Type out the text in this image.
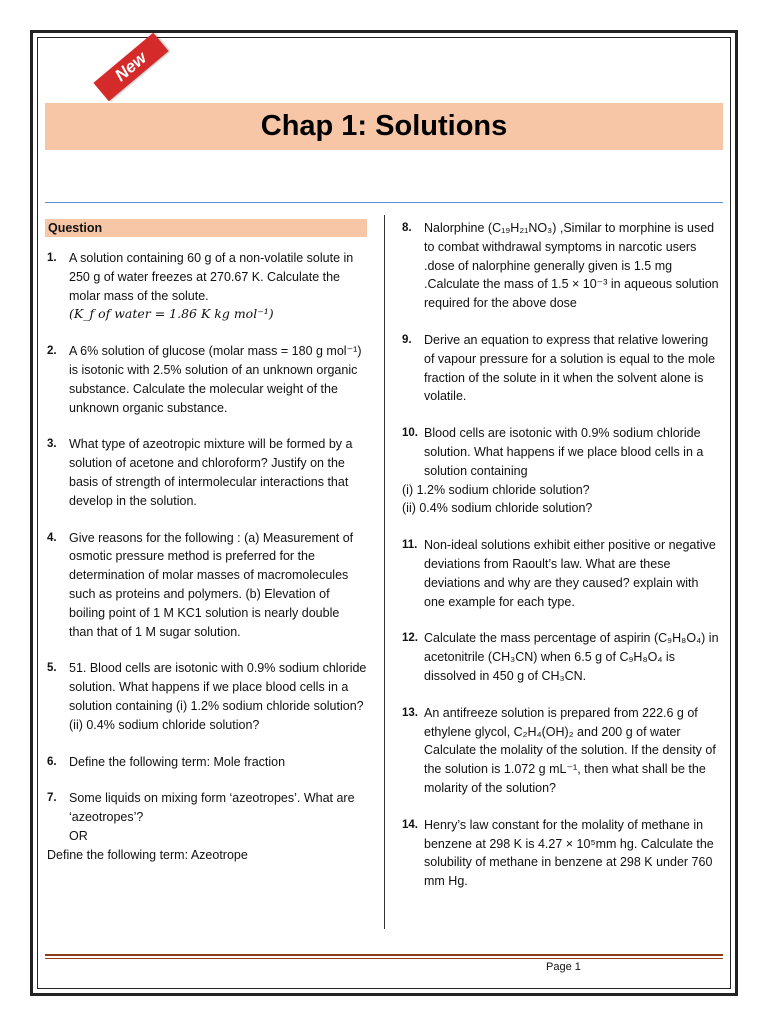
New
Chap 1: Solutions
Question
1. A solution containing 60 g of a non-volatile solute in 250 g of water freezes at 270.67 K. Calculate the molar mass of the solute.
(K_f of water = 1.86 K kg mol⁻¹)
2. A 6% solution of glucose (molar mass = 180 g mol⁻¹) is isotonic with 2.5% solution of an unknown organic substance. Calculate the molecular weight of the unknown organic substance.
3. What type of azeotropic mixture will be formed by a solution of acetone and chloroform? Justify on the basis of strength of intermolecular interactions that develop in the solution.
4. Give reasons for the following : (a) Measurement of osmotic pressure method is preferred for the determination of molar masses of macromolecules such as proteins and polymers. (b) Elevation of boiling point of 1 M KC1 solution is nearly double than that of 1 M sugar solution.
5. 51. Blood cells are isotonic with 0.9% sodium chloride solution. What happens if we place blood cells in a solution containing (i) 1.2% sodium chloride solution? (ii) 0.4% sodium chloride solution?
6. Define the following term: Mole fraction
7. Some liquids on mixing form ‘azeotropes’. What are ‘azeotropes’?
OR
Define the following term: Azeotrope
8. Nalorphine (C₁₉H₂₁NO₃) ,Similar to morphine is used to combat withdrawal symptoms in narcotic users .dose of nalorphine generally given is 1.5 mg .Calculate the mass of 1.5 × 10⁻³ in aqueous solution required for the above dose
9. Derive an equation to express that relative lowering of vapour pressure for a solution is equal to the mole fraction of the solute in it when the solvent alone is volatile.
10. Blood cells are isotonic with 0.9% sodium chloride solution. What happens if we place blood cells in a solution containing
(i) 1.2% sodium chloride solution?
(ii) 0.4% sodium chloride solution?
11. Non-ideal solutions exhibit either positive or negative deviations from Raoult’s law. What are these deviations and why are they caused? explain with one example for each type.
12. Calculate the mass percentage of aspirin (C₉H₈O₄) in acetonitrile (CH₃CN) when 6.5 g of C₉H₈O₄ is dissolved in 450 g of CH₃CN.
13. An antifreeze solution is prepared from 222.6 g of ethylene glycol, C₂H₄(OH)₂ and 200 g of water Calculate the molality of the solution. If the density of the solution is 1.072 g mL⁻¹, then what shall be the molarity of the solution?
14. Henry’s law constant for the molality of methane in benzene at 298 K is 4.27 × 10⁵mm hg. Calculate the solubility of methane in benzene at 298 K under 760 mm Hg.
Page 1
